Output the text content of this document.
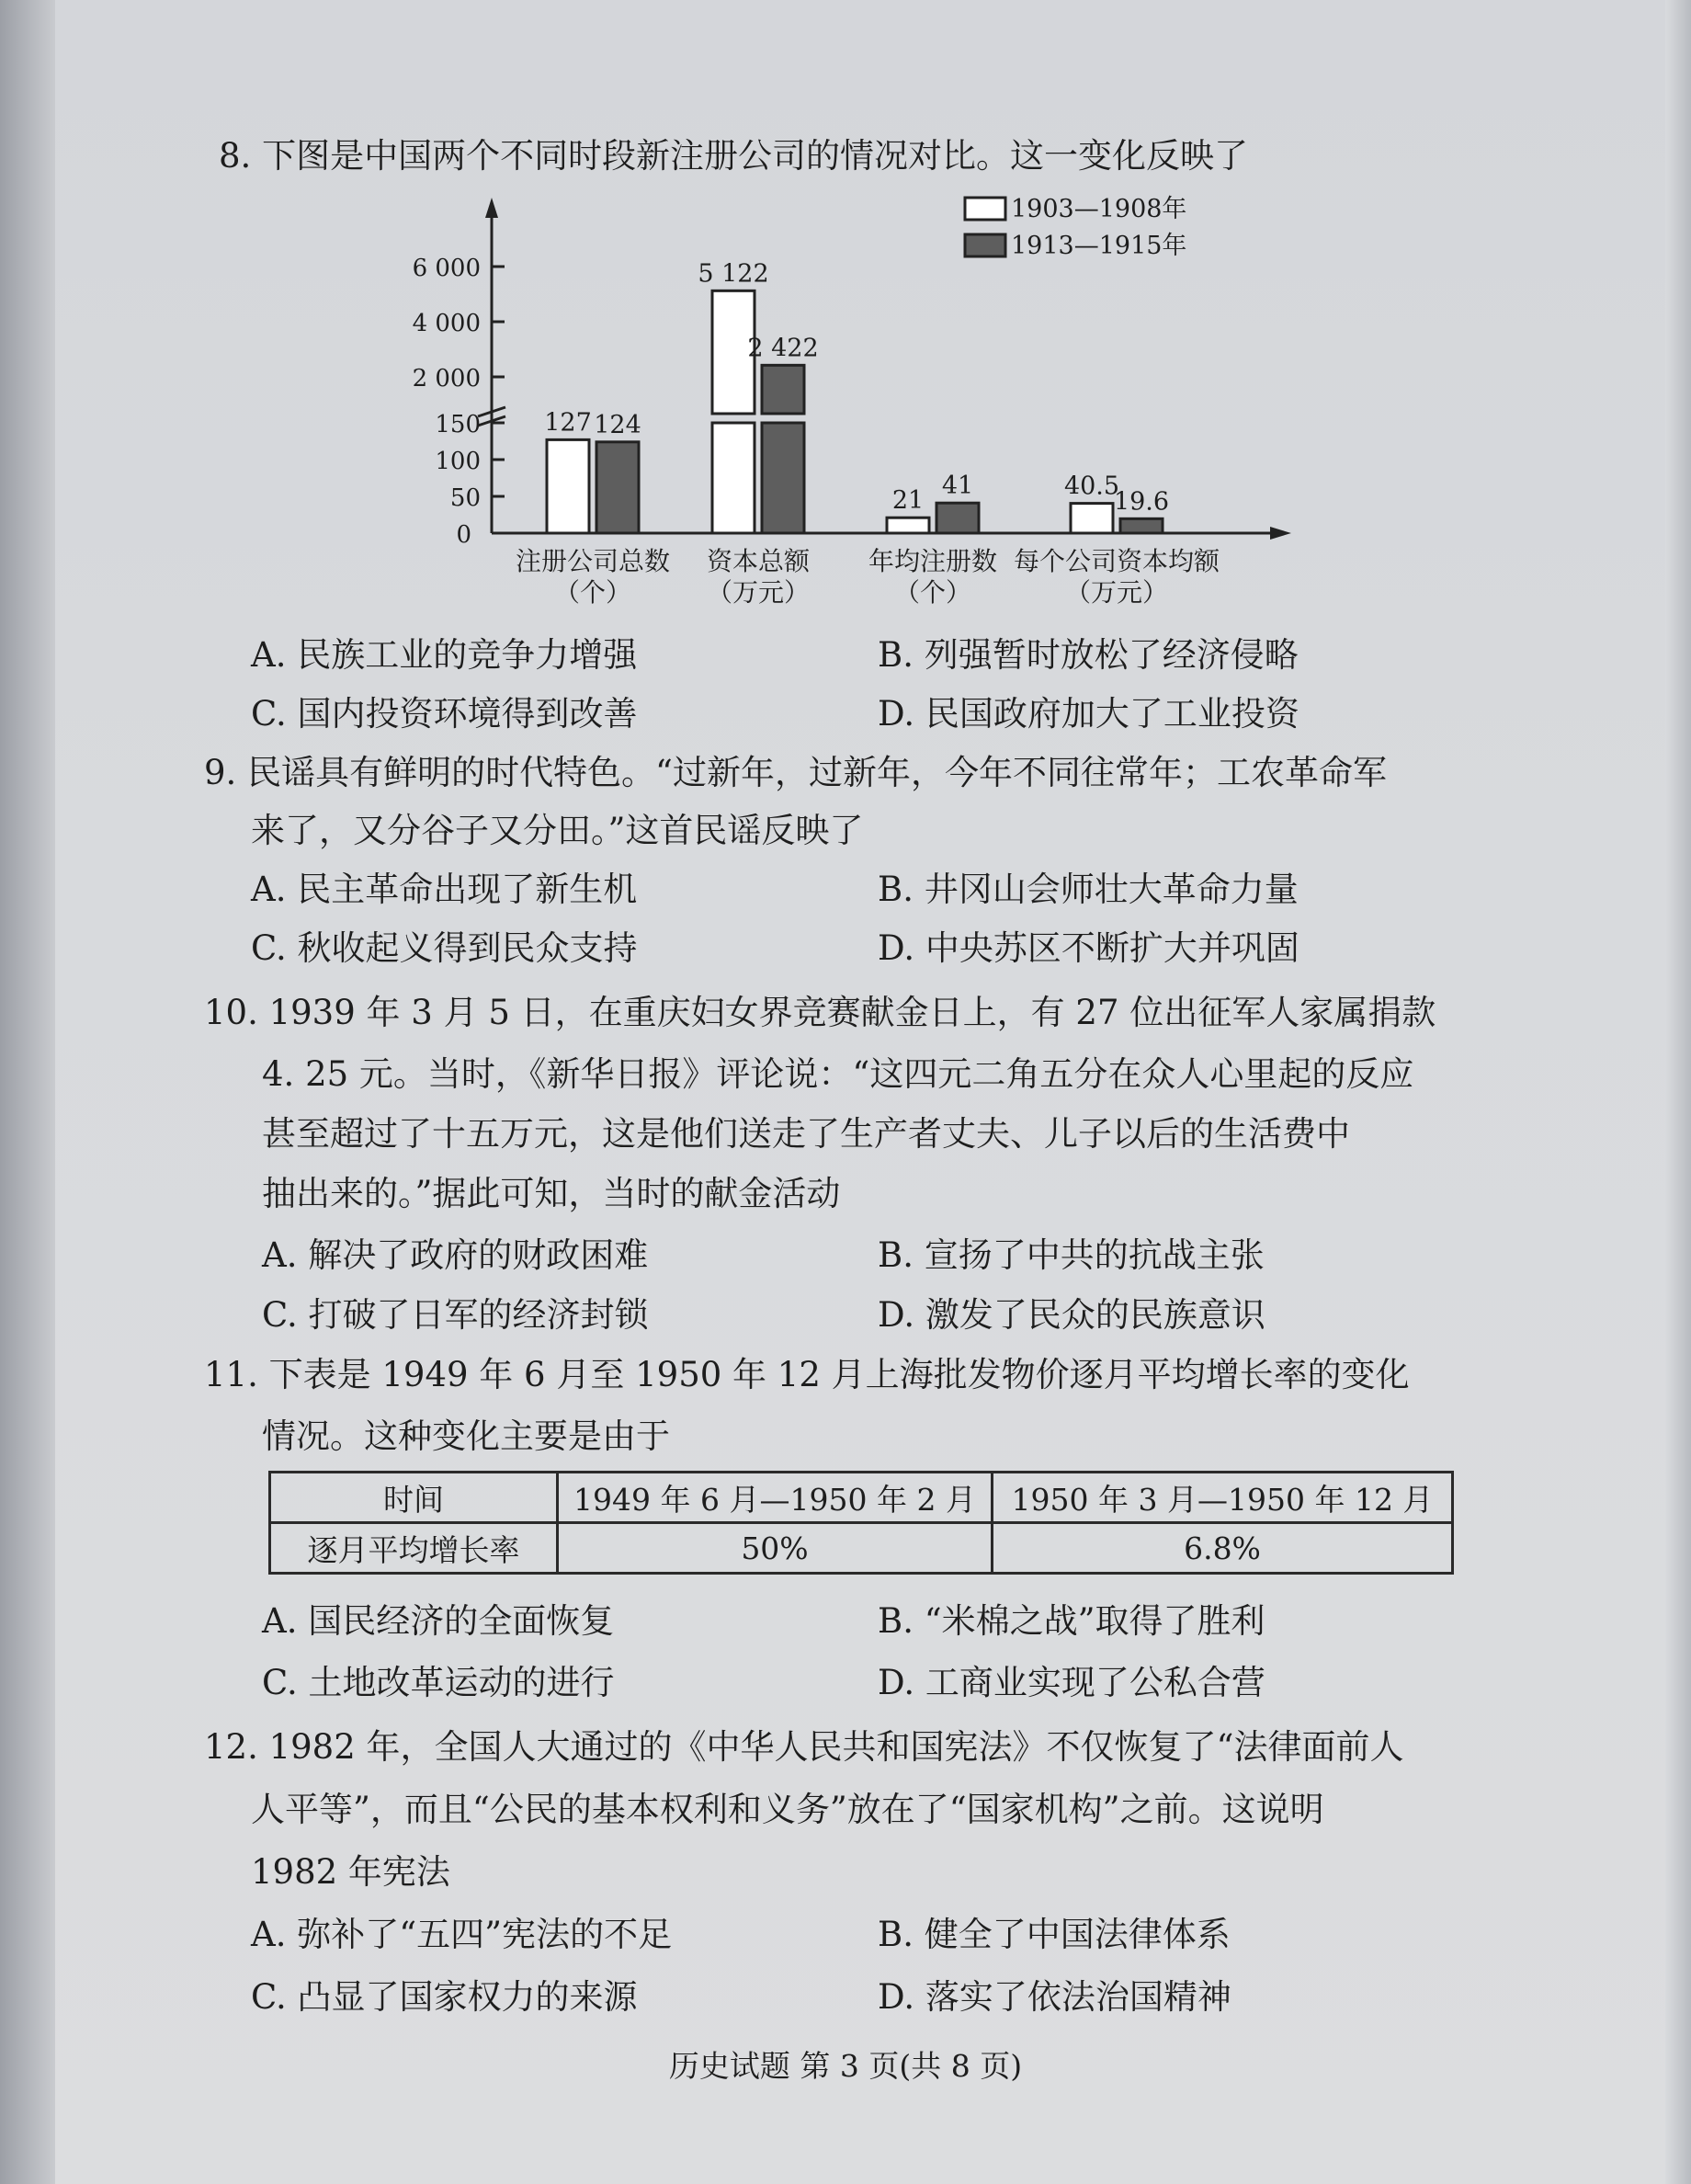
8. 下图是中国两个不同时段新注册公司的情况对比。这一变化反映了
0
50
100
150
2 000
4 000
6 000
127 124
注册公司总数
（个）
5 122
2 422
资本总额
（万元）
21
41
年均注册数
（个）
40.5
19.6
每个公司资本均额
（万元）
1903—1908年
1913—1915年
A. 民族工业的竞争力增强	B. 列强暂时放松了经济侵略
C. 国内投资环境得到改善	D. 民国政府加大了工业投资
9. 民谣具有鲜明的时代特色。“过新年，过新年，今年不同往常年；工农革命军
来了，又分谷子又分田。”这首民谣反映了
A. 民主革命出现了新生机	B. 井冈山会师壮大革命力量
C. 秋收起义得到民众支持	D. 中央苏区不断扩大并巩固
10. 1939 年 3 月 5 日，在重庆妇女界竞赛献金日上，有 27 位出征军人家属捐款
4. 25 元。当时，《新华日报》评论说：“这四元二角五分在众人心里起的反应
甚至超过了十五万元，这是他们送走了生产者丈夫、儿子以后的生活费中
抽出来的。”据此可知，当时的献金活动
A. 解决了政府的财政困难	B. 宣扬了中共的抗战主张
C. 打破了日军的经济封锁	D. 激发了民众的民族意识
11. 下表是 1949 年 6 月至 1950 年 12 月上海批发物价逐月平均增长率的变化
情况。这种变化主要是由于
时间	1949 年 6 月—1950 年 2 月	1950 年 3 月—1950 年 12 月
逐月平均增长率	50%	6.8%
A. 国民经济的全面恢复	B. “米棉之战”取得了胜利
C. 土地改革运动的进行	D. 工商业实现了公私合营
12. 1982 年，全国人大通过的《中华人民共和国宪法》不仅恢复了“法律面前人
人平等”，而且“公民的基本权利和义务”放在了“国家机构”之前。这说明
1982 年宪法
A. 弥补了“五四”宪法的不足	B. 健全了中国法律体系
C. 凸显了国家权力的来源	D. 落实了依法治国精神
历史试题 第 3 页(共 8 页)
